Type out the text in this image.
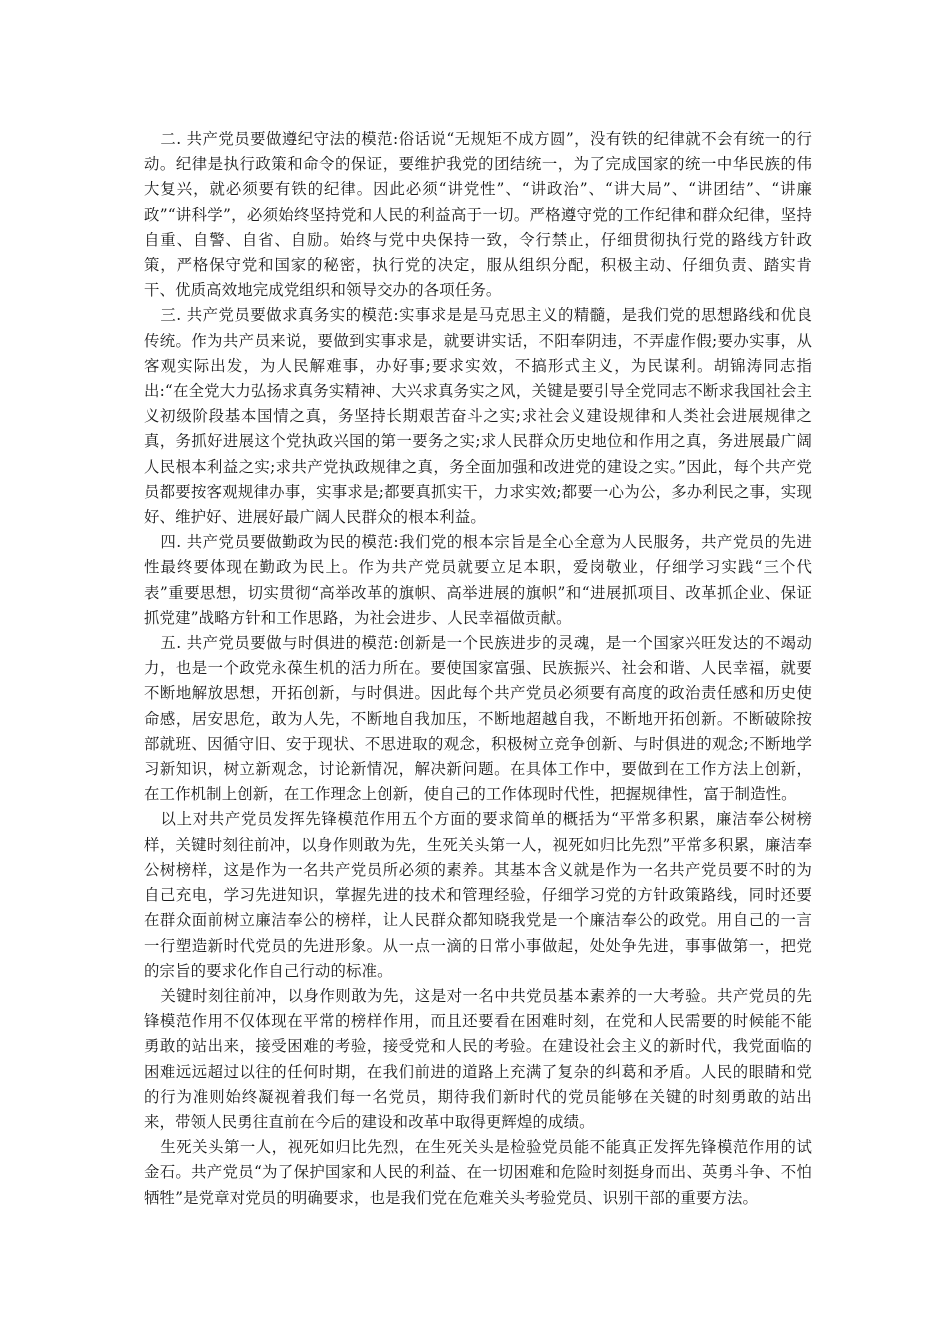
二. 共产党员要做遵纪守法的模范:俗话说“无规矩不成方圆”，没有铁的纪律就不会有统一的行动。纪律是执行政策和命令的保证，要维护我党的团结统一，为了完成国家的统一中华民族的伟大复兴，就必须要有铁的纪律。因此必须“讲党性”、“讲政治”、“讲大局”、“讲团结”、“讲廉政”“讲科学”，必须始终坚持党和人民的利益高于一切。严格遵守党的工作纪律和群众纪律，坚持自重、自警、自省、自励。始终与党中央保持一致，令行禁止，仔细贯彻执行党的路线方针政策，严格保守党和国家的秘密，执行党的决定，服从组织分配，积极主动、仔细负责、踏实肯干、优质高效地完成党组织和领导交办的各项任务。

三. 共产党员要做求真务实的模范:实事求是是马克思主义的精髓，是我们党的思想路线和优良传统。作为共产员来说，要做到实事求是，就要讲实话，不阳奉阴违，不弄虚作假;要办实事，从客观实际出发，为人民解难事，办好事;要求实效，不搞形式主义，为民谋利。胡锦涛同志指出:“在全党大力弘扬求真务实精神、大兴求真务实之风，关键是要引导全党同志不断求我国社会主义初级阶段基本国情之真，务坚持长期艰苦奋斗之实;求社会义建设规律和人类社会进展规律之真，务抓好进展这个党执政兴国的第一要务之实;求人民群众历史地位和作用之真，务进展最广阔人民根本利益之实;求共产党执政规律之真，务全面加强和改进党的建设之实。”因此，每个共产党员都要按客观规律办事，实事求是;都要真抓实干，力求实效;都要一心为公，多办利民之事，实现好、维护好、进展好最广阔人民群众的根本利益。

四. 共产党员要做勤政为民的模范:我们党的根本宗旨是全心全意为人民服务，共产党员的先进性最终要体现在勤政为民上。作为共产党员就要立足本职，爱岗敬业，仔细学习实践“三个代表”重要思想，切实贯彻“高举改革的旗帜、高举进展的旗帜”和“进展抓项目、改革抓企业、保证抓党建”战略方针和工作思路，为社会进步、人民幸福做贡献。

五. 共产党员要做与时俱进的模范:创新是一个民族进步的灵魂，是一个国家兴旺发达的不竭动力，也是一个政党永葆生机的活力所在。要使国家富强、民族振兴、社会和谐、人民幸福，就要不断地解放思想，开拓创新，与时俱进。因此每个共产党员必须要有高度的政治责任感和历史使命感，居安思危，敢为人先，不断地自我加压，不断地超越自我，不断地开拓创新。不断破除按部就班、因循守旧、安于现状、不思进取的观念，积极树立竞争创新、与时俱进的观念;不断地学习新知识，树立新观念，讨论新情况，解决新问题。在具体工作中，要做到在工作方法上创新，在工作机制上创新，在工作理念上创新，使自己的工作体现时代性，把握规律性，富于制造性。

以上对共产党员发挥先锋模范作用五个方面的要求简单的概括为“平常多积累，廉洁奉公树榜样，关键时刻往前冲，以身作则敢为先，生死关头第一人，视死如归比先烈”平常多积累，廉洁奉公树榜样，这是作为一名共产党员所必须的素养。其基本含义就是作为一名共产党员要不时的为自己充电，学习先进知识，掌握先进的技术和管理经验，仔细学习党的方针政策路线，同时还要在群众面前树立廉洁奉公的榜样，让人民群众都知晓我党是一个廉洁奉公的政党。用自己的一言一行塑造新时代党员的先进形象。从一点一滴的日常小事做起，处处争先进，事事做第一，把党的宗旨的要求化作自己行动的标准。

关键时刻往前冲，以身作则敢为先，这是对一名中共党员基本素养的一大考验。共产党员的先锋模范作用不仅体现在平常的榜样作用，而且还要看在困难时刻，在党和人民需要的时候能不能勇敢的站出来，接受困难的考验，接受党和人民的考验。在建设社会主义的新时代，我党面临的困难远远超过以往的任何时期，在我们前进的道路上充满了复杂的纠葛和矛盾。人民的眼睛和党的行为准则始终凝视着我们每一名党员，期待我们新时代的党员能够在关键的时刻勇敢的站出来，带领人民勇往直前在今后的建设和改革中取得更辉煌的成绩。

生死关头第一人，视死如归比先烈，在生死关头是检验党员能不能真正发挥先锋模范作用的试金石。共产党员“为了保护国家和人民的利益、在一切困难和危险时刻挺身而出、英勇斗争、不怕牺牲”是党章对党员的明确要求，也是我们党在危难关头考验党员、识别干部的重要方法。
